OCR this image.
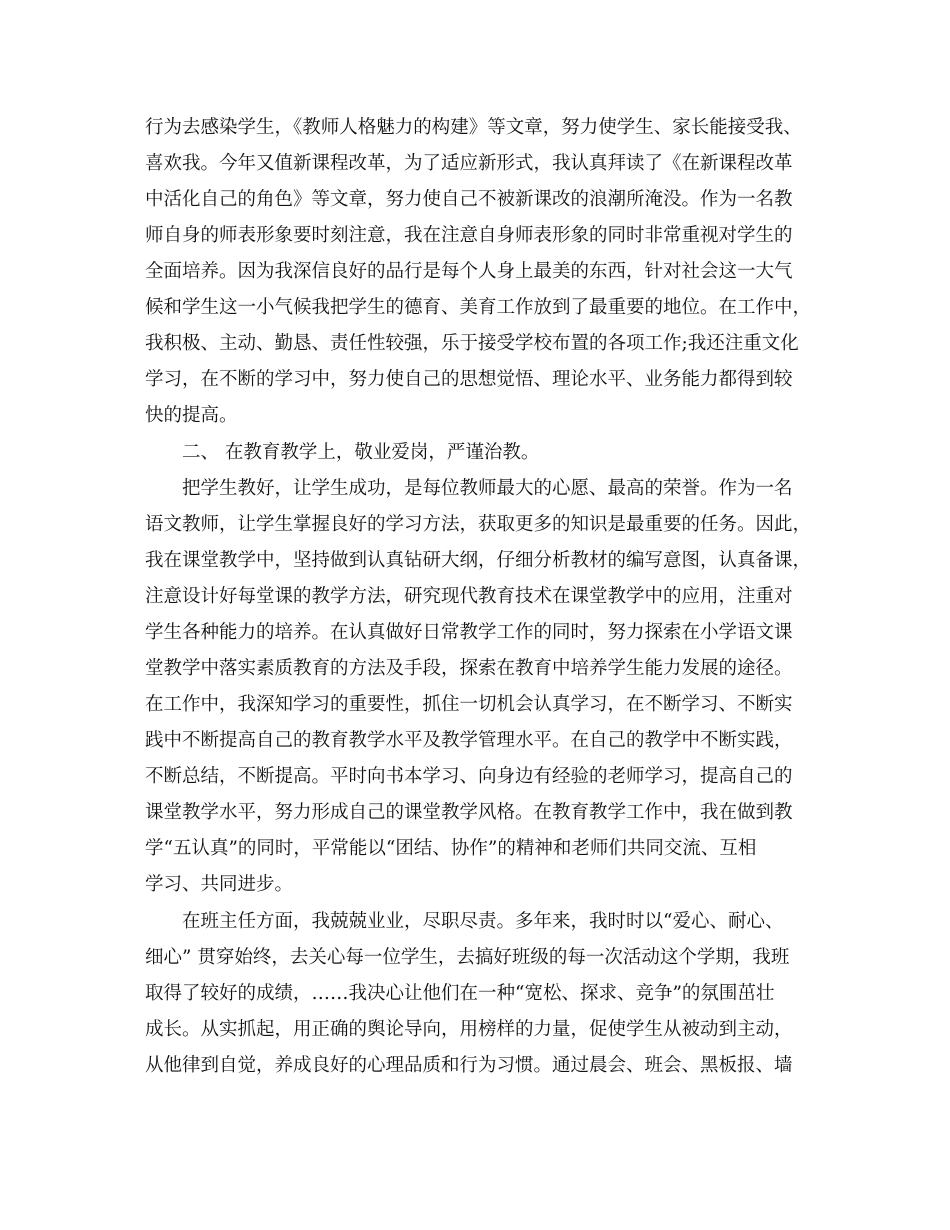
行为去感染学生，《教师人格魅力的构建》等文章，努力使学生、家长能接受我、

喜欢我。今年又值新课程改革，为了适应新形式，我认真拜读了《在新课程改革

中活化自己的角色》等文章，努力使自己不被新课改的浪潮所淹没。作为一名教

师自身的师表形象要时刻注意，我在注意自身师表形象的同时非常重视对学生的

全面培养。因为我深信良好的品行是每个人身上最美的东西，针对社会这一大气

候和学生这一小气候我把学生的德育、美育工作放到了最重要的地位。在工作中，

我积极、主动、勤恳、责任性较强，乐于接受学校布置的各项工作;我还注重文化

学习，在不断的学习中，努力使自己的思想觉悟、理论水平、业务能力都得到较

快的提高。

二、 在教育教学上，敬业爱岗，严谨治教。

把学生教好，让学生成功，是每位教师最大的心愿、最高的荣誉。作为一名

语文教师，让学生掌握良好的学习方法，获取更多的知识是最重要的任务。因此，

我在课堂教学中，坚持做到认真钻研大纲，仔细分析教材的编写意图，认真备课，

注意设计好每堂课的教学方法，研究现代教育技术在课堂教学中的应用，注重对

学生各种能力的培养。在认真做好日常教学工作的同时，努力探索在小学语文课

堂教学中落实素质教育的方法及手段，探索在教育中培养学生能力发展的途径。

在工作中，我深知学习的重要性，抓住一切机会认真学习，在不断学习、不断实

践中不断提高自己的教育教学水平及教学管理水平。在自己的教学中不断实践，

不断总结，不断提高。平时向书本学习、向身边有经验的老师学习，提高自己的

课堂教学水平，努力形成自己的课堂教学风格。在教育教学工作中，我在做到教

学“五认真”的同时，平常能以“团结、协作”的精神和老师们共同交流、互相

学习、共同进步。

在班主任方面，我兢兢业业，尽职尽责。多年来，我时时以“爱心、耐心、

细心” 贯穿始终，去关心每一位学生，去搞好班级的每一次活动这个学期，我班

取得了较好的成绩，……我决心让他们在一种“宽松、探求、竞争”的氛围茁壮

成长。从实抓起，用正确的舆论导向，用榜样的力量，促使学生从被动到主动，

从他律到自觉，养成良好的心理品质和行为习惯。通过晨会、班会、黑板报、墙
